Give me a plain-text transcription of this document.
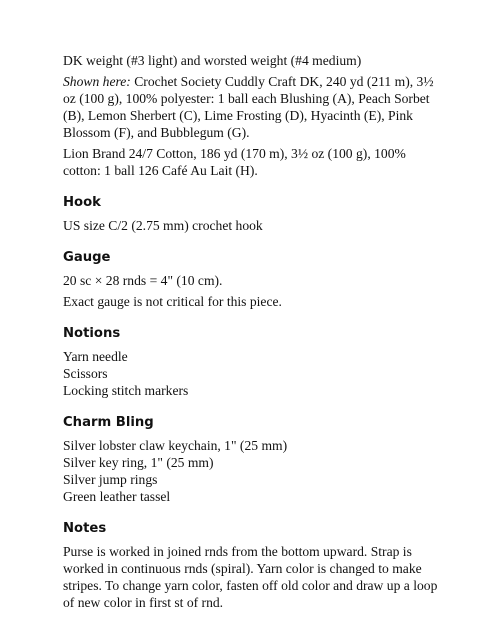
DK weight (#3 light) and worsted weight (#4 medium)

Shown here: Crochet Society Cuddly Craft DK, 240 yd (211 m), 3½ oz (100 g), 100% polyester: 1 ball each Blushing (A), Peach Sorbet (B), Lemon Sherbert (C), Lime Frosting (D), Hyacinth (E), Pink Blossom (F), and Bubblegum (G).

Lion Brand 24/7 Cotton, 186 yd (170 m), 3½ oz (100 g), 100% cotton: 1 ball 126 Café Au Lait (H).

Hook

US size C/2 (2.75 mm) crochet hook

Gauge

20 sc × 28 rnds = 4" (10 cm).

Exact gauge is not critical for this piece.

Notions

Yarn needle

Scissors

Locking stitch markers

Charm Bling

Silver lobster claw keychain, 1" (25 mm)

Silver key ring, 1" (25 mm)

Silver jump rings

Green leather tassel

Notes

Purse is worked in joined rnds from the bottom upward. Strap is worked in continuous rnds (spiral). Yarn color is changed to make stripes. To change yarn color, fasten off old color and draw up a loop of new color in first st of rnd.
